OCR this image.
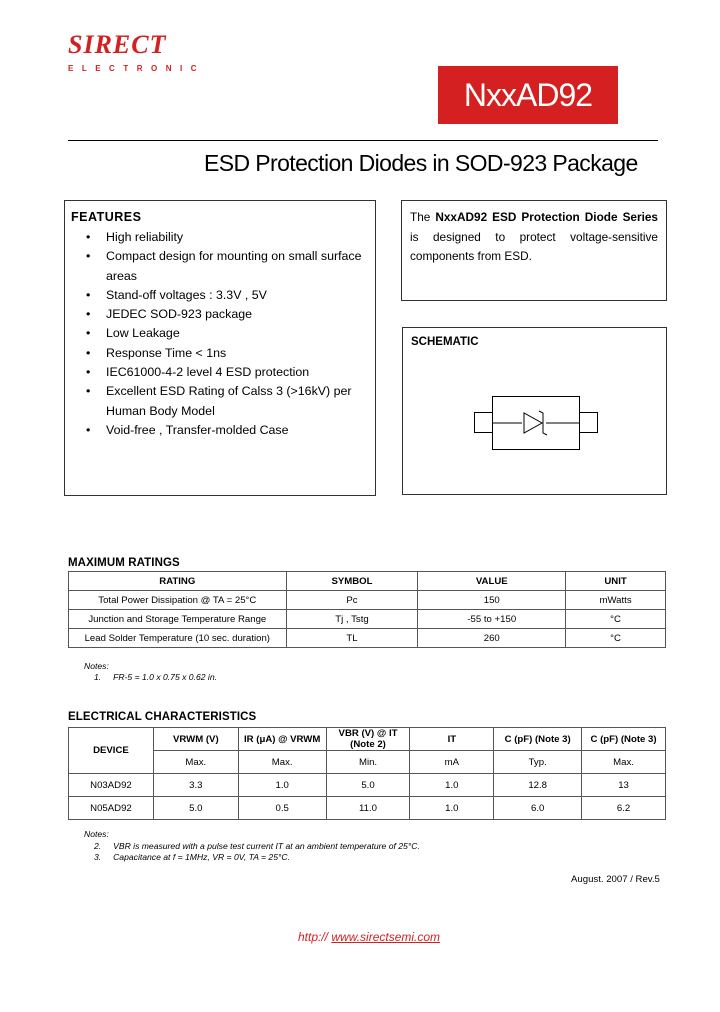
SIRECT
ELECTRONIC
NxxAD92
ESD Protection Diodes in SOD-923 Package
FEATURES
• High reliability
• Compact design for mounting on small surface areas
• Stand-off voltages : 3.3V , 5V
• JEDEC SOD-923 package
• Low Leakage
• Response Time < 1ns
• IEC61000-4-2 level 4 ESD protection
• Excellent ESD Rating of Calss 3 (>16kV) per Human Body Model
• Void-free , Transfer-molded Case
The NxxAD92 ESD Protection Diode Series is designed to protect voltage-sensitive components from ESD.
SCHEMATIC
MAXIMUM RATINGS
RATING	SYMBOL	VALUE	UNIT
Total Power Dissipation @ TA = 25°C	Pc	150	mWatts
Junction and Storage Temperature Range	Tj , Tstg	-55 to +150	°C
Lead Solder Temperature (10 sec. duration)	TL	260	°C
Notes:
1.     FR-5 = 1.0 x 0.75 x 0.62 in.
ELECTRICAL CHARACTERISTICS
DEVICE	VRWM (V)	IR (μA) @ VRWM	VBR (V) @ IT (Note 2)	IT	C (pF) (Note 3)	C (pF) (Note 3)
	Max.	Max.	Min.	mA	Typ.	Max.
N03AD92	3.3	1.0	5.0	1.0	12.8	13
N05AD92	5.0	0.5	11.0	1.0	6.0	6.2
Notes:
2.     VBR is measured with a pulse test current IT at an ambient temperature of 25°C.
3.     Capacitance at f = 1MHz, VR = 0V, TA = 25°C.
August. 2007 / Rev.5
http:// www.sirectsemi.com
